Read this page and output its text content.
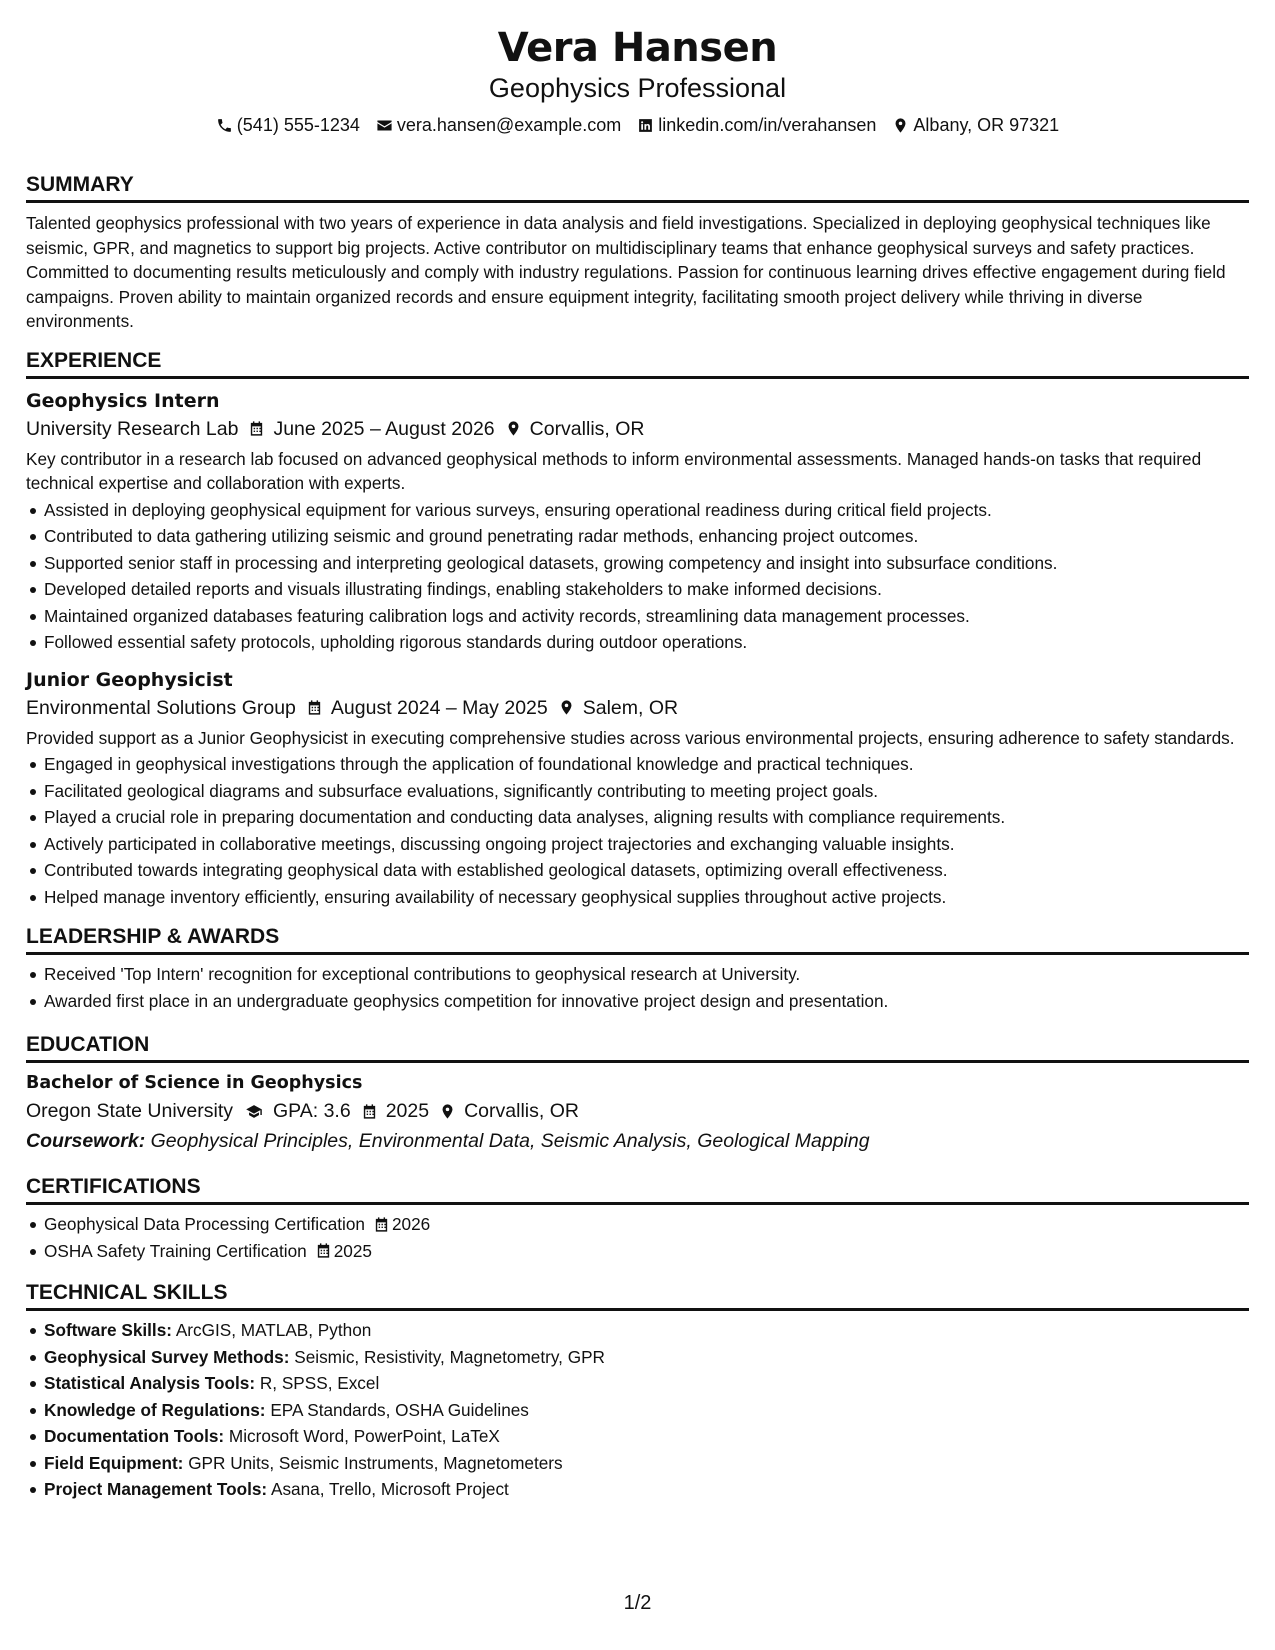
Vera Hansen
Geophysics Professional
(541) 555-1234 vera.hansen@example.com linkedin.com/in/verahansen Albany, OR 97321
SUMMARY
Talented geophysics professional with two years of experience in data analysis and field investigations. Specialized in deploying geophysical techniques like seismic, GPR, and magnetics to support big projects. Active contributor on multidisciplinary teams that enhance geophysical surveys and safety practices. Committed to documenting results meticulously and comply with industry regulations. Passion for continuous learning drives effective engagement during field campaigns. Proven ability to maintain organized records and ensure equipment integrity, facilitating smooth project delivery while thriving in diverse environments.
EXPERIENCE
Geophysics Intern
University Research Lab June 2025 – August 2026 Corvallis, OR
Key contributor in a research lab focused on advanced geophysical methods to inform environmental assessments. Managed hands-on tasks that required technical expertise and collaboration with experts.
Assisted in deploying geophysical equipment for various surveys, ensuring operational readiness during critical field projects.
Contributed to data gathering utilizing seismic and ground penetrating radar methods, enhancing project outcomes.
Supported senior staff in processing and interpreting geological datasets, growing competency and insight into subsurface conditions.
Developed detailed reports and visuals illustrating findings, enabling stakeholders to make informed decisions.
Maintained organized databases featuring calibration logs and activity records, streamlining data management processes.
Followed essential safety protocols, upholding rigorous standards during outdoor operations.
Junior Geophysicist
Environmental Solutions Group August 2024 – May 2025 Salem, OR
Provided support as a Junior Geophysicist in executing comprehensive studies across various environmental projects, ensuring adherence to safety standards.
Engaged in geophysical investigations through the application of foundational knowledge and practical techniques.
Facilitated geological diagrams and subsurface evaluations, significantly contributing to meeting project goals.
Played a crucial role in preparing documentation and conducting data analyses, aligning results with compliance requirements.
Actively participated in collaborative meetings, discussing ongoing project trajectories and exchanging valuable insights.
Contributed towards integrating geophysical data with established geological datasets, optimizing overall effectiveness.
Helped manage inventory efficiently, ensuring availability of necessary geophysical supplies throughout active projects.
LEADERSHIP & AWARDS
Received 'Top Intern' recognition for exceptional contributions to geophysical research at University.
Awarded first place in an undergraduate geophysics competition for innovative project design and presentation.
EDUCATION
Bachelor of Science in Geophysics
Oregon State University GPA: 3.6 2025 Corvallis, OR
Coursework: Geophysical Principles, Environmental Data, Seismic Analysis, Geological Mapping
CERTIFICATIONS
Geophysical Data Processing Certification 2026
OSHA Safety Training Certification 2025
TECHNICAL SKILLS
Software Skills: ArcGIS, MATLAB, Python
Geophysical Survey Methods: Seismic, Resistivity, Magnetometry, GPR
Statistical Analysis Tools: R, SPSS, Excel
Knowledge of Regulations: EPA Standards, OSHA Guidelines
Documentation Tools: Microsoft Word, PowerPoint, LaTeX
Field Equipment: GPR Units, Seismic Instruments, Magnetometers
Project Management Tools: Asana, Trello, Microsoft Project
1/2
